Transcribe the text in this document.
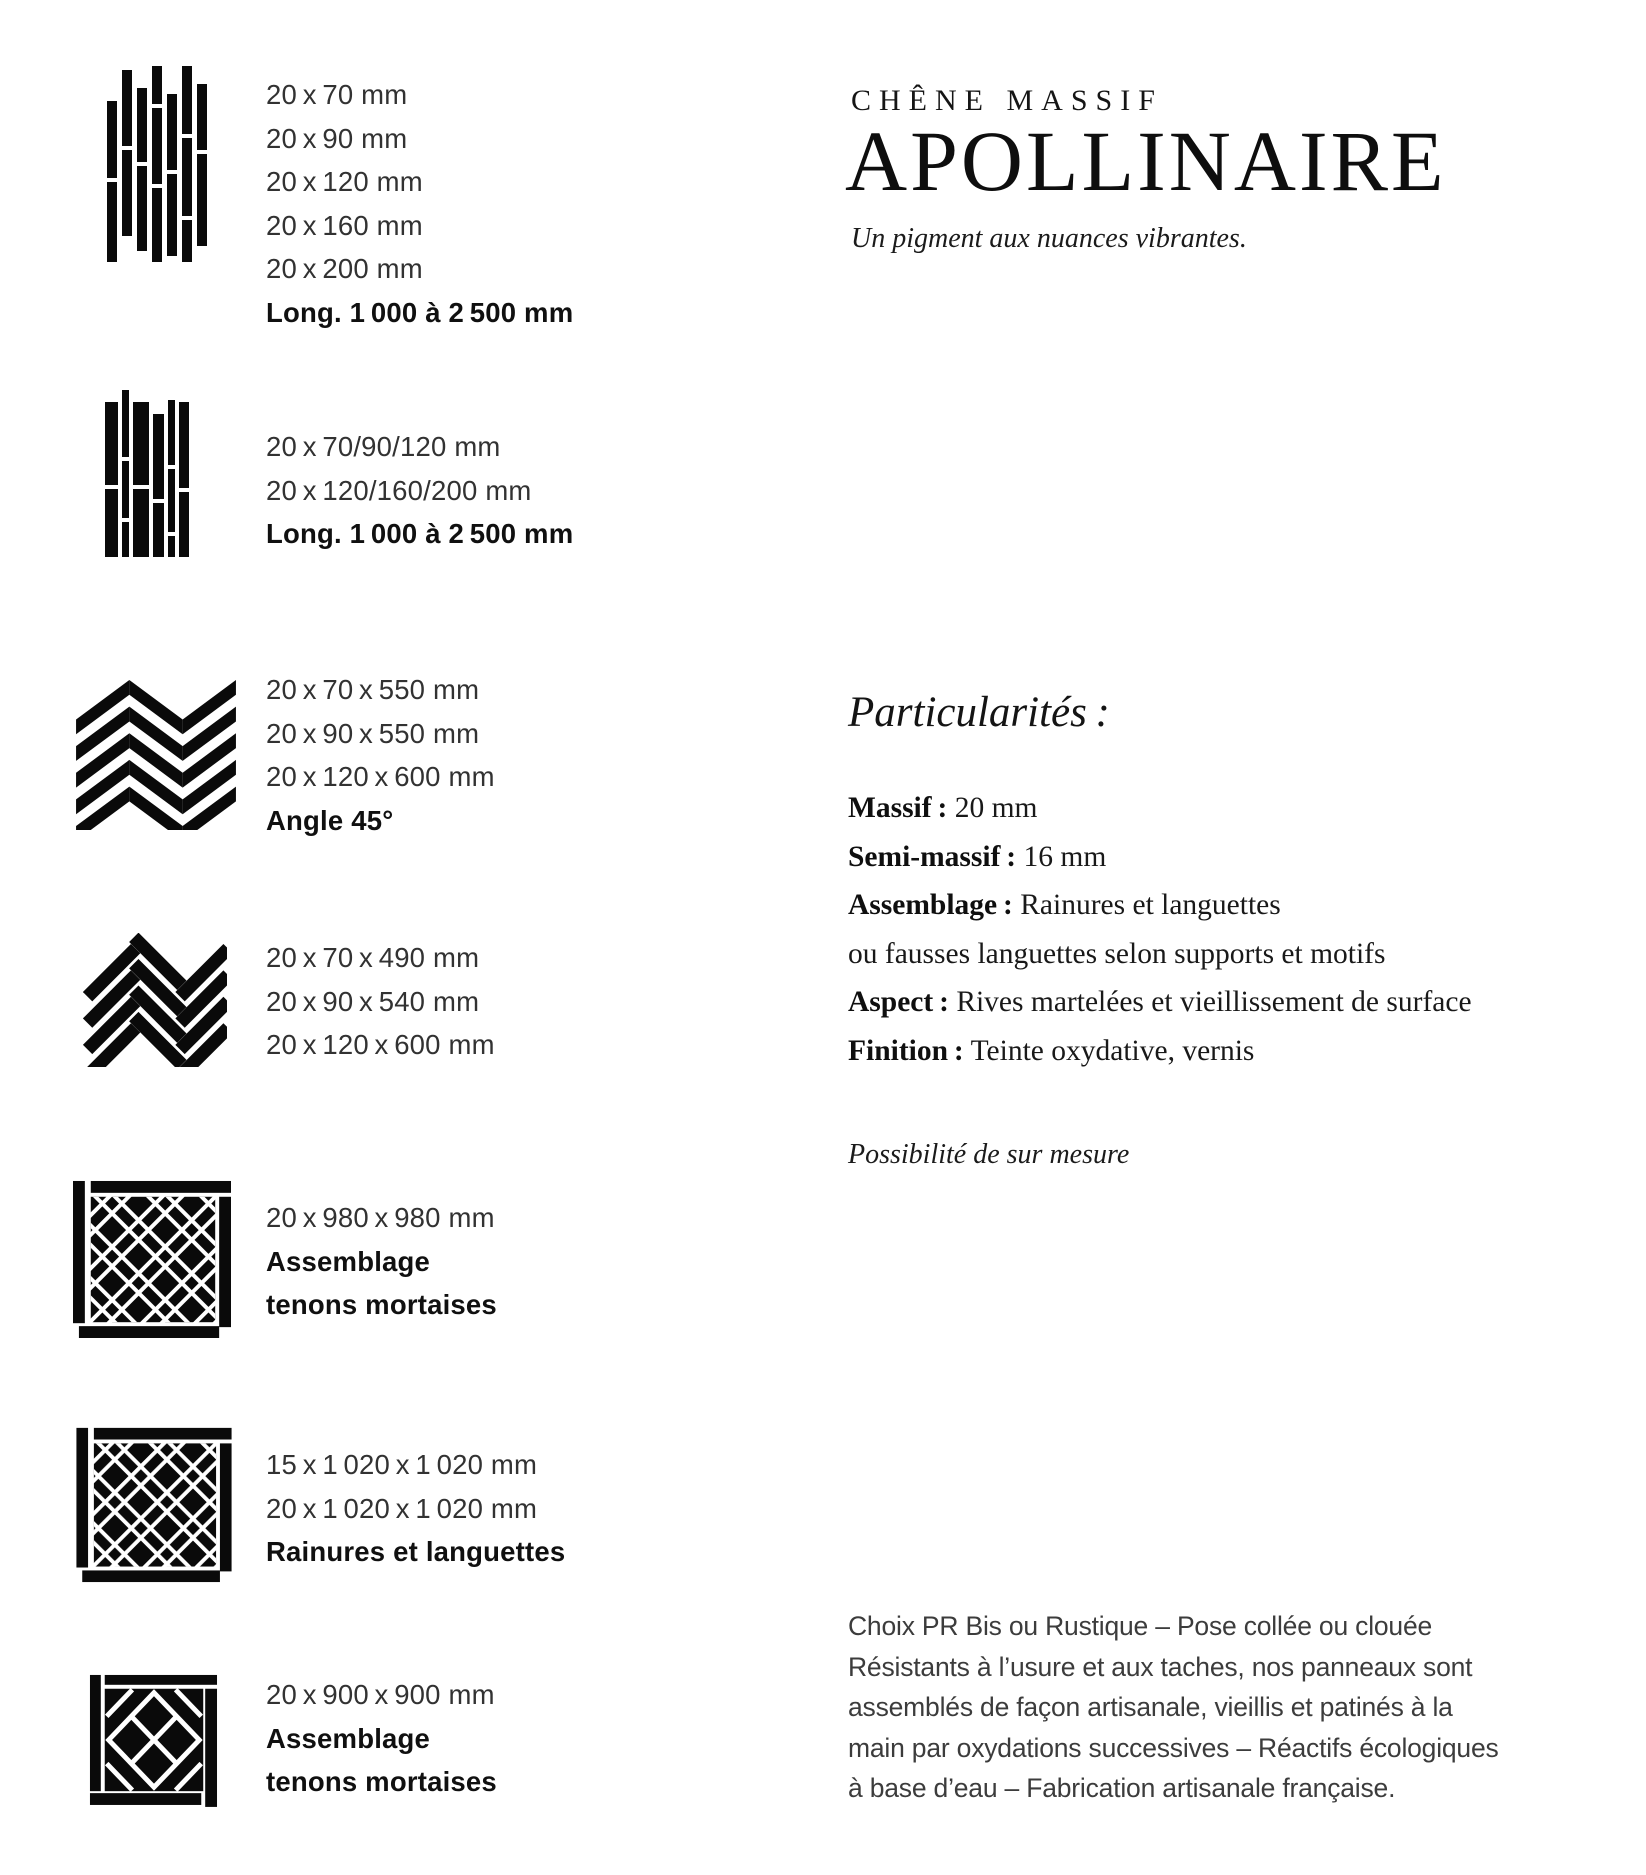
20 x 70 mm
20 x 90 mm
20 x 120 mm
20 x 160 mm
20 x 200 mm
Long. 1 000 à 2 500 mm
20 x 70/90/120 mm
20 x 120/160/200 mm
Long. 1 000 à 2 500 mm
20 x 70 x 550 mm
20 x 90 x 550 mm
20 x 120 x 600 mm
Angle 45°
20 x 70 x 490 mm
20 x 90 x 540 mm
20 x 120 x 600 mm
20 x 980 x 980 mm
Assemblage
tenons mortaises
15 x 1 020 x 1 020 mm
20 x 1 020 x 1 020 mm
Rainures et languettes
20 x 900 x 900 mm
Assemblage
tenons mortaises
CHÊNE MASSIF
APOLLINAIRE
Un pigment aux nuances vibrantes.
Particularités :
Massif : 20 mm
Semi-massif : 16 mm
Assemblage : Rainures et languettes
ou fausses languettes selon supports et motifs
Aspect : Rives martelées et vieillissement de surface
Finition : Teinte oxydative, vernis
Possibilité de sur mesure
Choix PR Bis ou Rustique – Pose collée ou clouée
Résistants à l’usure et aux taches, nos panneaux sont
assemblés de façon artisanale, vieillis et patinés à la
main par oxydations successives – Réactifs écologiques
à base d’eau – Fabrication artisanale française.
